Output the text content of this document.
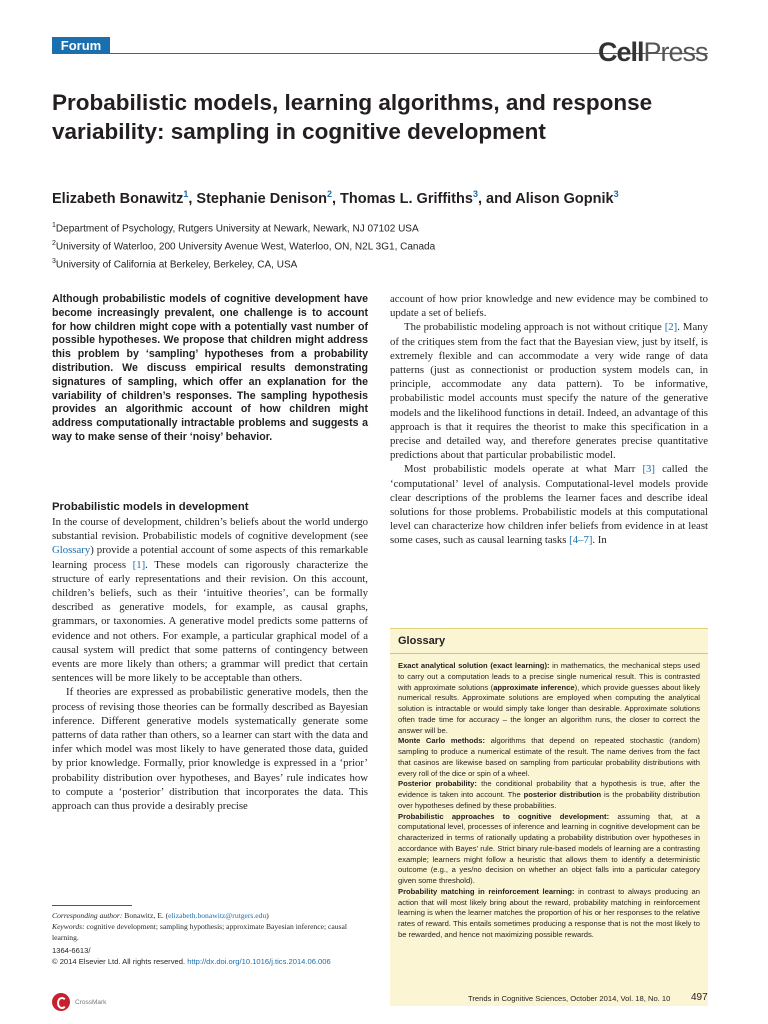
Forum	CellPress
Probabilistic models, learning algorithms, and response variability: sampling in cognitive development
Elizabeth Bonawitz$^1$, Stephanie Denison$^2$, Thomas L. Griffiths$^3$, and Alison Gopnik$^3$
$^1$Department of Psychology, Rutgers University at Newark, Newark, NJ 07102 USA
$^2$University of Waterloo, 200 University Avenue West, Waterloo, ON, N2L 3G1, Canada
$^3$University of California at Berkeley, Berkeley, CA, USA
Although probabilistic models of cognitive development have become increasingly prevalent, one challenge is to account for how children might cope with a potentially vast number of possible hypotheses. We propose that children might address this problem by ‘sampling’ hypotheses from a probability distribution. We discuss empirical results demonstrating signatures of sampling, which offer an explanation for the variability of children’s responses. The sampling hypothesis provides an algorithmic account of how children might address computationally intractable problems and suggests a way to make sense of their ‘noisy’ behavior.
Probabilistic models in development

In the course of development, children’s beliefs about the world undergo substantial revision. Probabilistic models of cognitive development (see Glossary) provide a potential account of some aspects of this remarkable learning process [1]. These models can rigorously characterize the structure of early representations and their revision. On this account, children’s beliefs, such as their ‘intuitive theories’, can be formally described as generative models, for example, as causal graphs, grammars, or taxonomies. A generative model predicts some patterns of evidence and not others. For example, a particular graphical model of a causal system will predict that some patterns of contingency between events are more likely than others; a grammar will predict that certain sentences will be more likely to be acceptable than others.

If theories are expressed as probabilistic generative models, then the process of revising those theories can be formally described as Bayesian inference. Different generative models systematically generate some patterns of data rather than others, so a learner can start with the data and infer which model was most likely to have generated those data, guided by prior knowledge. Formally, prior knowledge is expressed in a ‘prior’ probability distribution over hypotheses, and Bayes’ rule indicates how to compute a ‘posterior’ distribution that incorporates the data. This approach can thus provide a desirably precise

account of how prior knowledge and new evidence may be combined to update a set of beliefs.

The probabilistic modeling approach is not without critique [2]. Many of the critiques stem from the fact that the Bayesian view, just by itself, is extremely flexible and can accommodate a very wide range of data patterns (just as connectionist or production system models can, in principle, accommodate any data pattern). To be informative, probabilistic model accounts must specify the nature of the generative models and the likelihood functions in detail. Indeed, an advantage of this approach is that it requires the theorist to make this specification in a precise and detailed way, and therefore generates precise quantitative predictions about that particular probabilistic model.

Most probabilistic models operate at what Marr [3] called the ‘computational’ level of analysis. Computational-level models provide clear descriptions of the problems the learner faces and describe ideal solutions for those problems. Probabilistic models at this computational level can characterize how children infer beliefs from evidence in at least some cases, such as causal learning tasks [4–7]. In

Glossary

Exact analytical solution (exact learning): in mathematics, the mechanical steps used to carry out a computation leads to a precise single numerical result. This is contrasted with approximate solutions (approximate inference), which provide guesses about likely numerical results. Approximate solutions are employed when computing the analytical solution is intractable or would simply take longer than desirable. Approximate solutions often trade time for accuracy – the longer an algorithm runs, the closer to correct the answer will be.

Monte Carlo methods: algorithms that depend on repeated stochastic (random) sampling to produce a numerical estimate of the result. The name derives from the fact that casinos are likewise based on sampling from particular probability distributions with every roll of the dice or spin of a wheel.

Posterior probability: the conditional probability that a hypothesis is true, after the evidence is taken into account. The posterior distribution is the probability distribution over hypotheses defined by these probabilities.

Probabilistic approaches to cognitive development: assuming that, at a computational level, processes of inference and learning in cognitive development can be characterized in terms of rationally updating a probability distribution over hypotheses in accordance with Bayes’ rule. Strict binary rule-based models of learning are a contrasting example; learners might follow a heuristic that allows them to identify a deterministic outcome (e.g., a yes/no decision on whether an object falls into a particular category given some threshold).

Probability matching in reinforcement learning: in contrast to always producing an action that will most likely bring about the reward, probability matching in reinforcement learning is when the learner matches the proportion of his or her responses to the relative rates of reward. This entails sometimes producing a response that is not the most likely to be rewarded, and hence not maximizing possible rewards.

Corresponding author: Bonawitz, E. (elizabeth.bonawitz@rutgers.edu)

Keywords: cognitive development; sampling hypothesis; approximate Bayesian inference; causal learning.

1364-6613/
© 2014 Elsevier Ltd. All rights reserved. http://dx.doi.org/10.1016/j.tics.2014.06.006
CrossMark	Trends in Cognitive Sciences, October 2014, Vol. 18, No. 10 497
